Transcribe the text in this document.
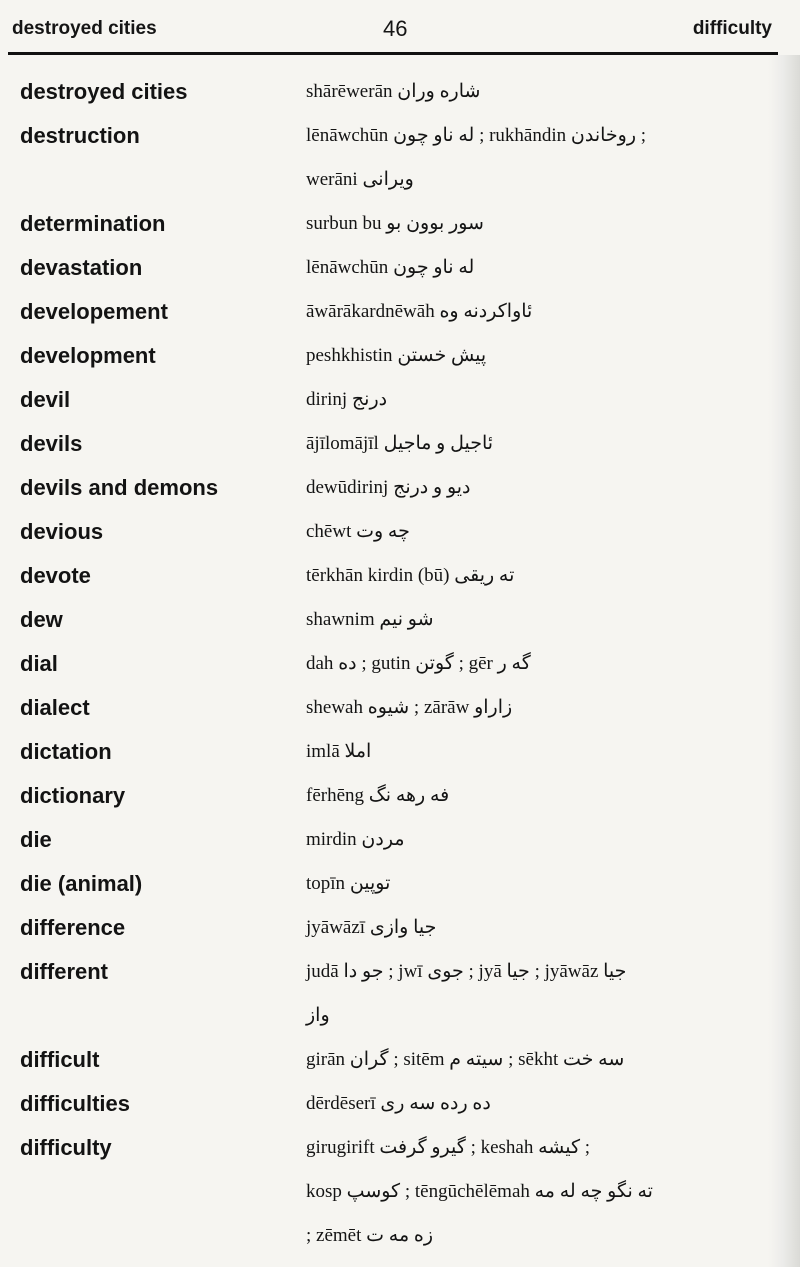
destroyed cities	46	difficulty
destroyed cities	shārēwerān شاره وران
destruction	lēnāwchūn له ناو چون ; rukhāndin روخاندن ;
werāni ويرانى
determination	surbun bu سور بوون بو
devastation	lēnāwchūn له ناو چون
developement	āwārākardnēwāh ئاواكردنه وه
development	peshkhistin پيش خستن
devil	dirinj درنج
devils	ājīlomājīl ئاجيل و ماجيل
devils and demons	dewūdirinj ديو و درنج
devious	chēwt چه وت
devote	tērkhān kirdin (bū) ته ريقى
dew	shawnim شو نيم
dial	dah ده ; gutin گوتن ; gēr گه ر
dialect	shewah شيوه ; zārāw زاراو
dictation	imlā املا
dictionary	fērhēng فه رهه نگ
die	mirdin مردن
die (animal)	topīn توپين
difference	jyāwāzī جيا وازى
different	judā جو دا ; jwī جوى ; jyā جيا ; jyāwāz جيا
واز
difficult	girān گران ; sitēm سيته م ; sēkht سه خت
difficulties	dērdēserī ده رده سه رى
difficulty	girugirift گيرو گرفت ; keshah كيشه ;
kosp كوسپ ; tēngūchēlēmah ته نگو چه له مه
; zēmēt زه مه ت
